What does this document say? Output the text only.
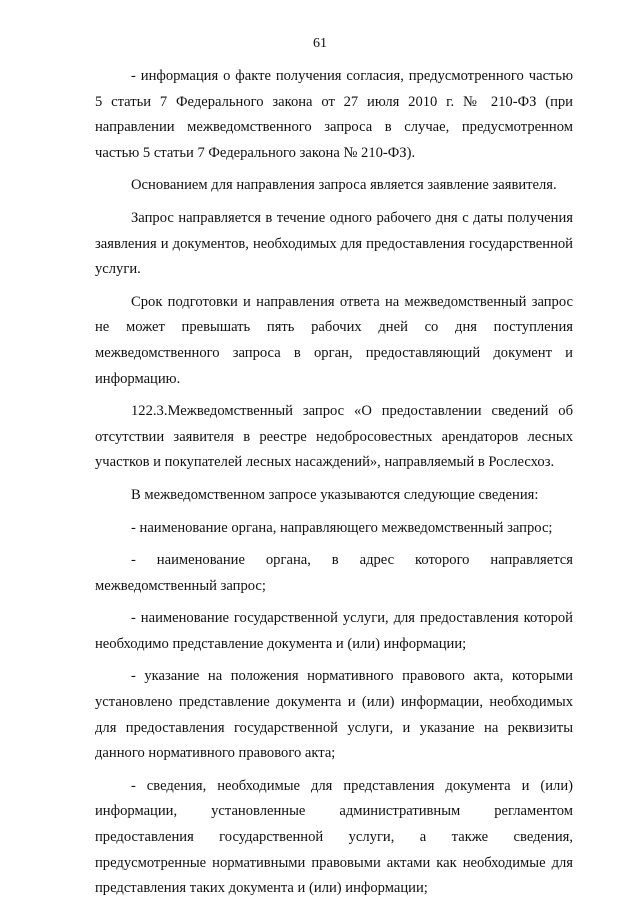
61

- информация о факте получения согласия, предусмотренного частью 5 статьи 7 Федерального закона от 27 июля 2010 г. № 210-ФЗ (при направлении межведомственного запроса в случае, предусмотренном частью 5 статьи 7 Федерального закона № 210-ФЗ).

Основанием для направления запроса является заявление заявителя.

Запрос направляется в течение одного рабочего дня с даты получения заявления и документов, необходимых для предоставления государственной услуги.

Срок подготовки и направления ответа на межведомственный запрос не может превышать пять рабочих дней со дня поступления межведомственного запроса в орган, предоставляющий документ и информацию.

122.3.Межведомственный запрос «О предоставлении сведений об отсутствии заявителя в реестре недобросовестных арендаторов лесных участков и покупателей лесных насаждений», направляемый в Рослесхоз.

В межведомственном запросе указываются следующие сведения:

- наименование органа, направляющего межведомственный запрос;

- наименование органа, в адрес которого направляется межведомственный запрос;

- наименование государственной услуги, для предоставления которой необходимо представление документа и (или) информации;

- указание на положения нормативного правового акта, которыми установлено представление документа и (или) информации, необходимых для предоставления государственной услуги, и указание на реквизиты данного нормативного правового акта;

- сведения, необходимые для представления документа и (или) информации, установленные административным регламентом предоставления государственной услуги, а также сведения, предусмотренные нормативными правовыми актами как необходимые для представления таких документа и (или) информации;
